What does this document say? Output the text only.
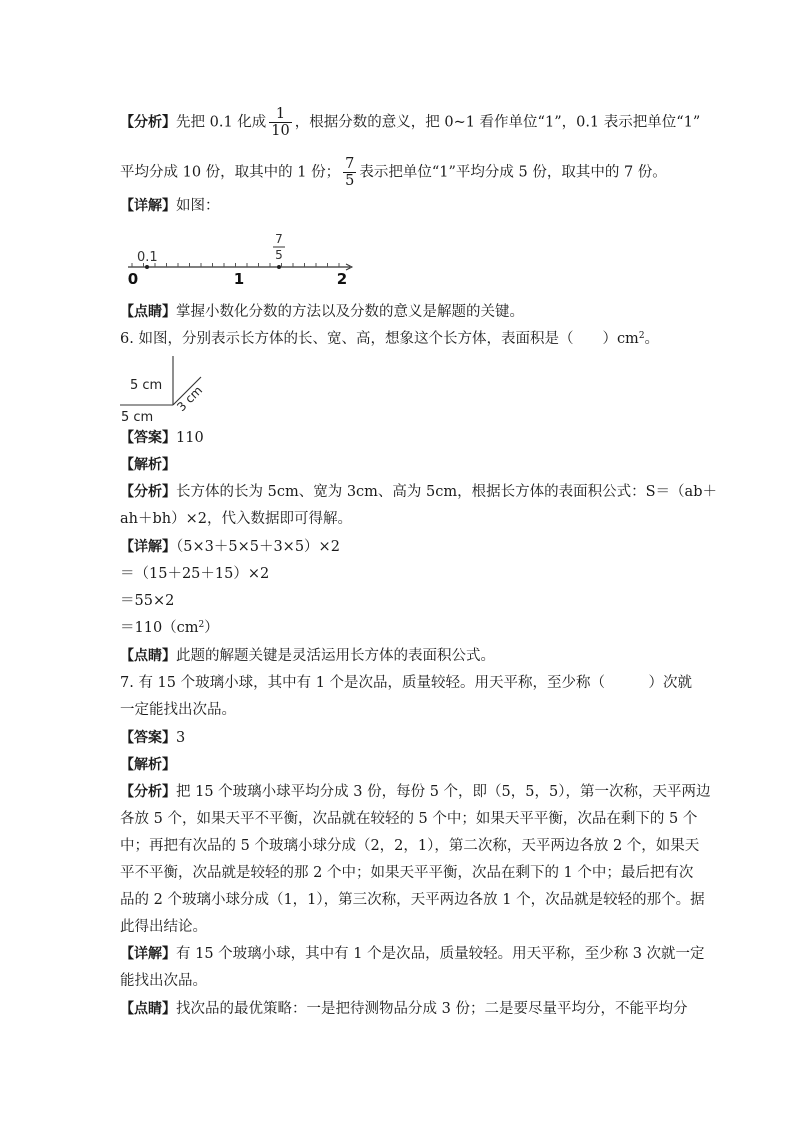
【分析】先把 0.1 化成 $\frac{1}{10}$ ，根据分数的意义，把 0~1 看作单位“1”，0.1 表示把单位“1”
平均分成 10 份，取其中的 1 份； $\frac{7}{5}$ 表示把单位“1”平均分成 5 份，取其中的 7 份。
【详解】如图：
0.1
7
5
0	1	2
【点睛】掌握小数化分数的方法以及分数的意义是解题的关键。
6. 如图，分别表示长方体的长、宽、高，想象这个长方体，表面积是（　　）$cm^2$。
5 cm
5 cm
3 cm
【答案】110
【解析】
【分析】长方体的长为 5cm、宽为 3cm、高为 5cm，根据长方体的表面积公式：S＝（ab＋
ah＋bh）×2，代入数据即可得解。
【详解】（5×3＋5×5＋3×5）×2
＝（15＋25＋15）×2
＝55×2
$=110(cm^2)$
【点睛】此题的解题关键是灵活运用长方体的表面积公式。
7. 有 15 个玻璃小球，其中有 1 个是次品，质量较轻。用天平称，至少称（　　　）次就
一定能找出次品。
【答案】3
【解析】
【分析】把 15 个玻璃小球平均分成 3 份，每份 5 个，即（5，5，5），第一次称，天平两边
各放 5 个，如果天平不平衡，次品就在较轻的 5 个中；如果天平平衡，次品在剩下的 5 个
中；再把有次品的 5 个玻璃小球分成（2，2，1），第二次称，天平两边各放 2 个，如果天
平不平衡，次品就是较轻的那 2 个中；如果天平平衡，次品在剩下的 1 个中；最后把有次
品的 2 个玻璃小球分成（1，1），第三次称，天平两边各放 1 个，次品就是较轻的那个。据
此得出结论。
【详解】有 15 个玻璃小球，其中有 1 个是次品，质量较轻。用天平称，至少称 3 次就一定
能找出次品。
【点睛】找次品的最优策略：一是把待测物品分成 3 份；二是要尽量平均分，不能平均分
